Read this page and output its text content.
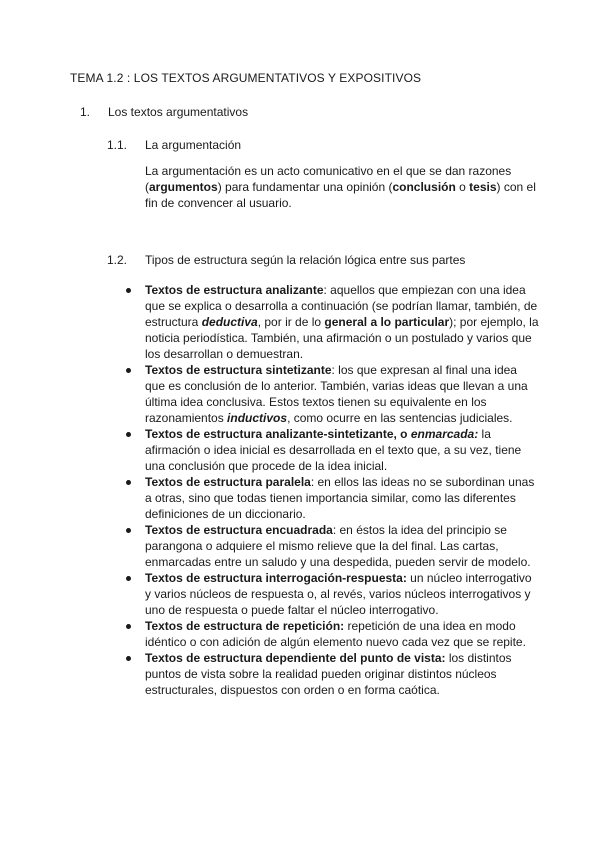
TEMA 1.2 : LOS TEXTOS ARGUMENTATIVOS Y EXPOSITIVOS
1. Los textos argumentativos
1.1. La argumentación

La argumentación es un acto comunicativo en el que se dan razones (argumentos) para fundamentar una opinión (conclusión o tesis) con el fin de convencer al usuario.

1.2. Tipos de estructura según la relación lógica entre sus partes
Textos de estructura analizante: aquellos que empiezan con una idea que se explica o desarrolla a continuación (se podrían llamar, también, de estructura deductiva, por ir de lo general a lo particular); por ejemplo, la noticia periodística. También, una afirmación o un postulado y varios que los desarrollan o demuestran.
Textos de estructura sintetizante: los que expresan al final una idea que es conclusión de lo anterior. También, varias ideas que llevan a una última idea conclusiva. Estos textos tienen su equivalente en los razonamientos inductivos, como ocurre en las sentencias judiciales.
Textos de estructura analizante-sintetizante, o enmarcada: la afirmación o idea inicial es desarrollada en el texto que, a su vez, tiene una conclusión que procede de la idea inicial.
Textos de estructura paralela: en ellos las ideas no se subordinan unas a otras, sino que todas tienen importancia similar, como las diferentes definiciones de un diccionario.
Textos de estructura encuadrada: en éstos la idea del principio se parangona o adquiere el mismo relieve que la del final. Las cartas, enmarcadas entre un saludo y una despedida, pueden servir de modelo.
Textos de estructura interrogación-respuesta: un núcleo interrogativo y varios núcleos de respuesta o, al revés, varios núcleos interrogativos y uno de respuesta o puede faltar el núcleo interrogativo.
Textos de estructura de repetición: repetición de una idea en modo idéntico o con adición de algún elemento nuevo cada vez que se repite.
Textos de estructura dependiente del punto de vista: los distintos puntos de vista sobre la realidad pueden originar distintos núcleos estructurales, dispuestos con orden o en forma caótica.
